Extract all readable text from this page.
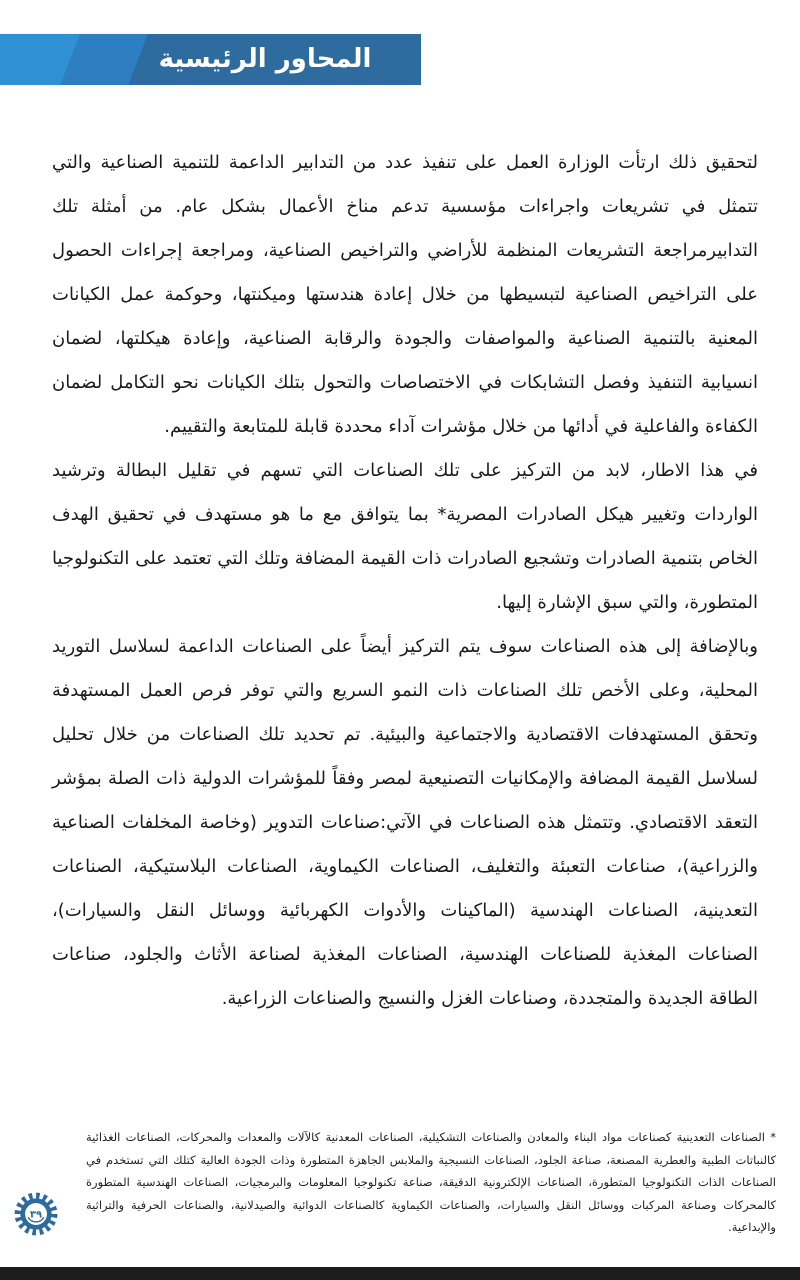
المحاور الرئيسية

لتحقيق ذلك ارتأت الوزارة العمل على تنفيذ عدد من التدابير الداعمة للتنمية الصناعية والتي تتمثل في تشريعات واجراءات مؤسسية تدعم مناخ الأعمال بشكل عام. من أمثلة تلك التدابيرمراجعة التشريعات المنظمة للأراضي والتراخيص الصناعية، ومراجعة إجراءات الحصول على التراخيص الصناعية لتبسيطها من خلال إعادة هندستها وميكنتها، وحوكمة عمل الكيانات المعنية بالتنمية الصناعية والمواصفات والجودة والرقابة الصناعية، وإعادة هيكلتها، لضمان انسيابية التنفيذ وفصل التشابكات في الاختصاصات والتحول بتلك الكيانات نحو التكامل لضمان الكفاءة والفاعلية في أدائها من خلال مؤشرات آداء محددة قابلة للمتابعة والتقييم.

في هذا الاطار، لابد من التركيز على تلك الصناعات التي تسهم في تقليل البطالة وترشيد الواردات وتغيير هيكل الصادرات المصرية* بما يتوافق مع ما هو مستهدف في تحقيق الهدف الخاص بتنمية الصادرات وتشجيع الصادرات ذات القيمة المضافة وتلك التي تعتمد على التكنولوجيا المتطورة، والتي سبق الإشارة إليها.

وبالإضافة إلى هذه الصناعات سوف يتم التركيز أيضاً على الصناعات الداعمة لسلاسل التوريد المحلية، وعلى الأخص تلك الصناعات ذات النمو السريع والتي توفر فرص العمل المستهدفة وتحقق المستهدفات الاقتصادية والاجتماعية والبيئية. تم تحديد تلك الصناعات من خلال تحليل لسلاسل القيمة المضافة والإمكانيات التصنيعية لمصر وفقاً للمؤشرات الدولية ذات الصلة بمؤشر التعقد الاقتصادي. وتتمثل هذه الصناعات في الآتي:صناعات التدوير (وخاصة المخلفات الصناعية والزراعية)، صناعات التعبئة والتغليف، الصناعات الكيماوية، الصناعات البلاستيكية، الصناعات التعدينية، الصناعات الهندسية (الماكينات والأدوات الكهربائية ووسائل النقل والسيارات)، الصناعات المغذية للصناعات الهندسية، الصناعات المغذية لصناعة الأثاث والجلود، صناعات الطاقة الجديدة والمتجددة، وصناعات الغزل والنسيج والصناعات الزراعية.

* الصناعات التعدينية كصناعات مواد البناء والمعادن والصناعات التشكيلية، الصناعات المعدنية كالآلات والمعدات والمحركات، الصناعات الغذائية كالنباتات الطبية والعطرية المصنعة، صناعة الجلود، الصناعات النسيجية والملابس الجاهزة المتطورة وذات الجودة العالية كتلك التي تستخدم في الصناعات الذات التكنولوجيا المتطورة، الصناعات الإلكترونية الدقيقة، صناعة تكنولوجيا المعلومات والبرمجيات، الصناعات الهندسية المتطورة كالمحركات وصناعة المركبات ووسائل النقل والسيارات، والصناعات الكيماوية كالصناعات الدوائية والصيدلانية، والصناعات الحرفية والتراثية والإبداعية.

٣٩
